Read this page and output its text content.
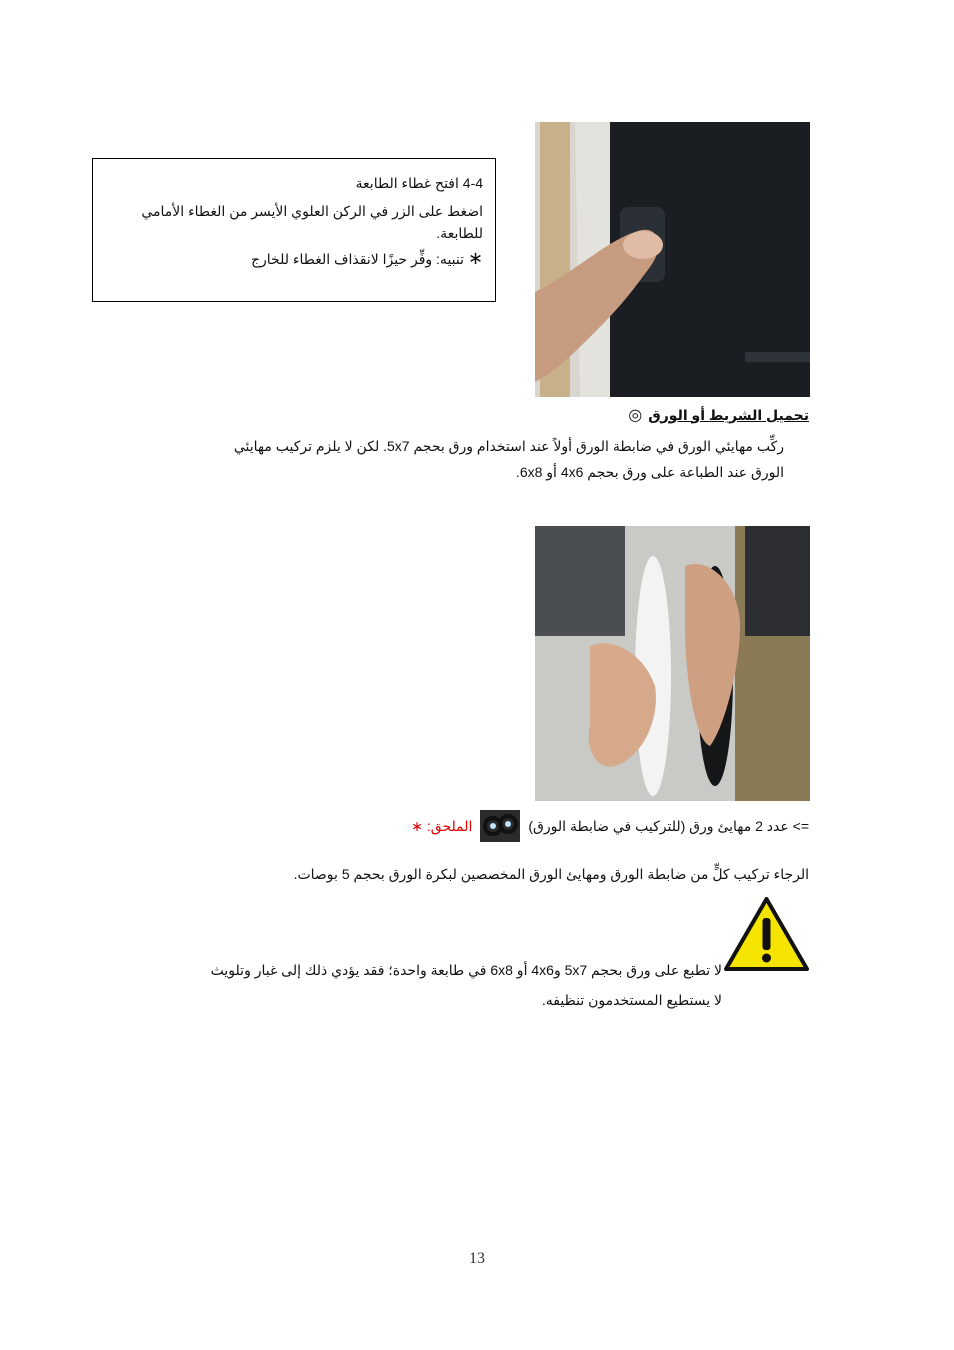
4-4 افتح غطاء الطابعة
اضغط على الزر في الركن العلوي الأيسر من الغطاء الأمامي
للطابعة.
∗ تنبيه: وفِّر حيزًا لانقذاف الغطاء للخارج
◎ تحميل الشريط أو الورق
ركِّب مهايئي الورق في ضابطة الورق أولاً عند استخدام ورق بحجم 5x7. لكن لا يلزم تركيب مهايئي
الورق عند الطباعة على ورق بحجم 4x6 أو 6x8.
∗ الملحق:	=> عدد 2 مهايئ ورق (للتركيب في ضابطة الورق)
الرجاء تركيب كلٍّ من ضابطة الورق ومهايئ الورق المخصصين لبكرة الورق بحجم 5 بوصات.
لا تطبع على ورق بحجم 5x7 و4x6 أو 6x8 في طابعة واحدة؛ فقد يؤدي ذلك إلى غبار وتلويث
لا يستطيع المستخدمون تنظيفه.
13
